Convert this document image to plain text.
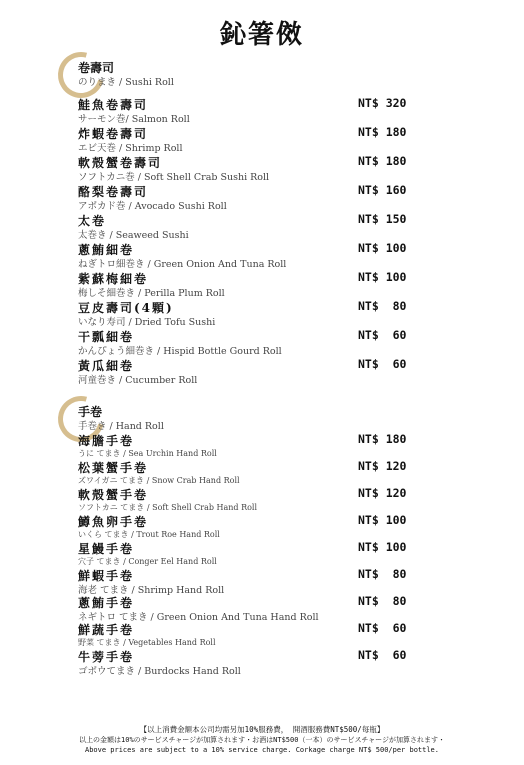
鈊箸傚
卷壽司
のりまき / Sushi Roll
鮭魚卷壽司
サーモン巻/ Salmon Roll
NT$ 320
炸蝦卷壽司
エビ天巻 / Shrimp Roll
NT$ 180
軟殼蟹卷壽司
ソフトカニ巻 / Soft Shell Crab Sushi Roll
NT$ 180
酪梨卷壽司
アボカド巻 / Avocado Sushi Roll
NT$ 160
太卷
太巻き / Seaweed Sushi
NT$ 150
蔥鮪細卷
ねぎトロ細巻き / Green Onion And Tuna Roll
NT$ 100
紫蘇梅細卷
梅しそ細巻き / Perilla Plum Roll
NT$ 100
豆皮壽司(4顆)
いなり寿司 / Dried Tofu Sushi
NT$  80
干瓢細卷
かんぴょう細巻き / Hispid Bottle Gourd Roll
NT$  60
黃瓜細卷
河童巻き / Cucumber Roll
NT$  60
手卷
手巻き / Hand Roll
海膽手卷
うに てまき / Sea Urchin Hand Roll
NT$ 180
松葉蟹手卷
ズワイガニ てまき / Snow Crab Hand Roll
NT$ 120
軟殼蟹手卷
ソフトカニ てまき / Soft Shell Crab Hand Roll
NT$ 120
鱒魚卵手卷
いくら てまき / Trout Roe Hand Roll
NT$ 100
星鰻手卷
穴子 てまき / Conger Eel Hand Roll
NT$ 100
鮮蝦手卷
海老 てまき / Shrimp Hand Roll
NT$  80
蔥鮪手卷
ネギトロ てまき / Green Onion And Tuna Hand Roll
NT$  80
鮮蔬手卷
野菜 てまき / Vegetables Hand Roll
NT$  60
牛蒡手卷
ゴボウてまき / Burdocks Hand Roll
NT$  60
【以上消費金額本公司均需另加10%服務費， 開酒服務費NT$500/每瓶】
以上の金額は10%のサービスチャージが加算されます・お酒はNT$500（一本）のサービスチャージが加算されます・
Above prices are subject to a 10% service charge. Corkage charge NT$ 500/per bottle.
